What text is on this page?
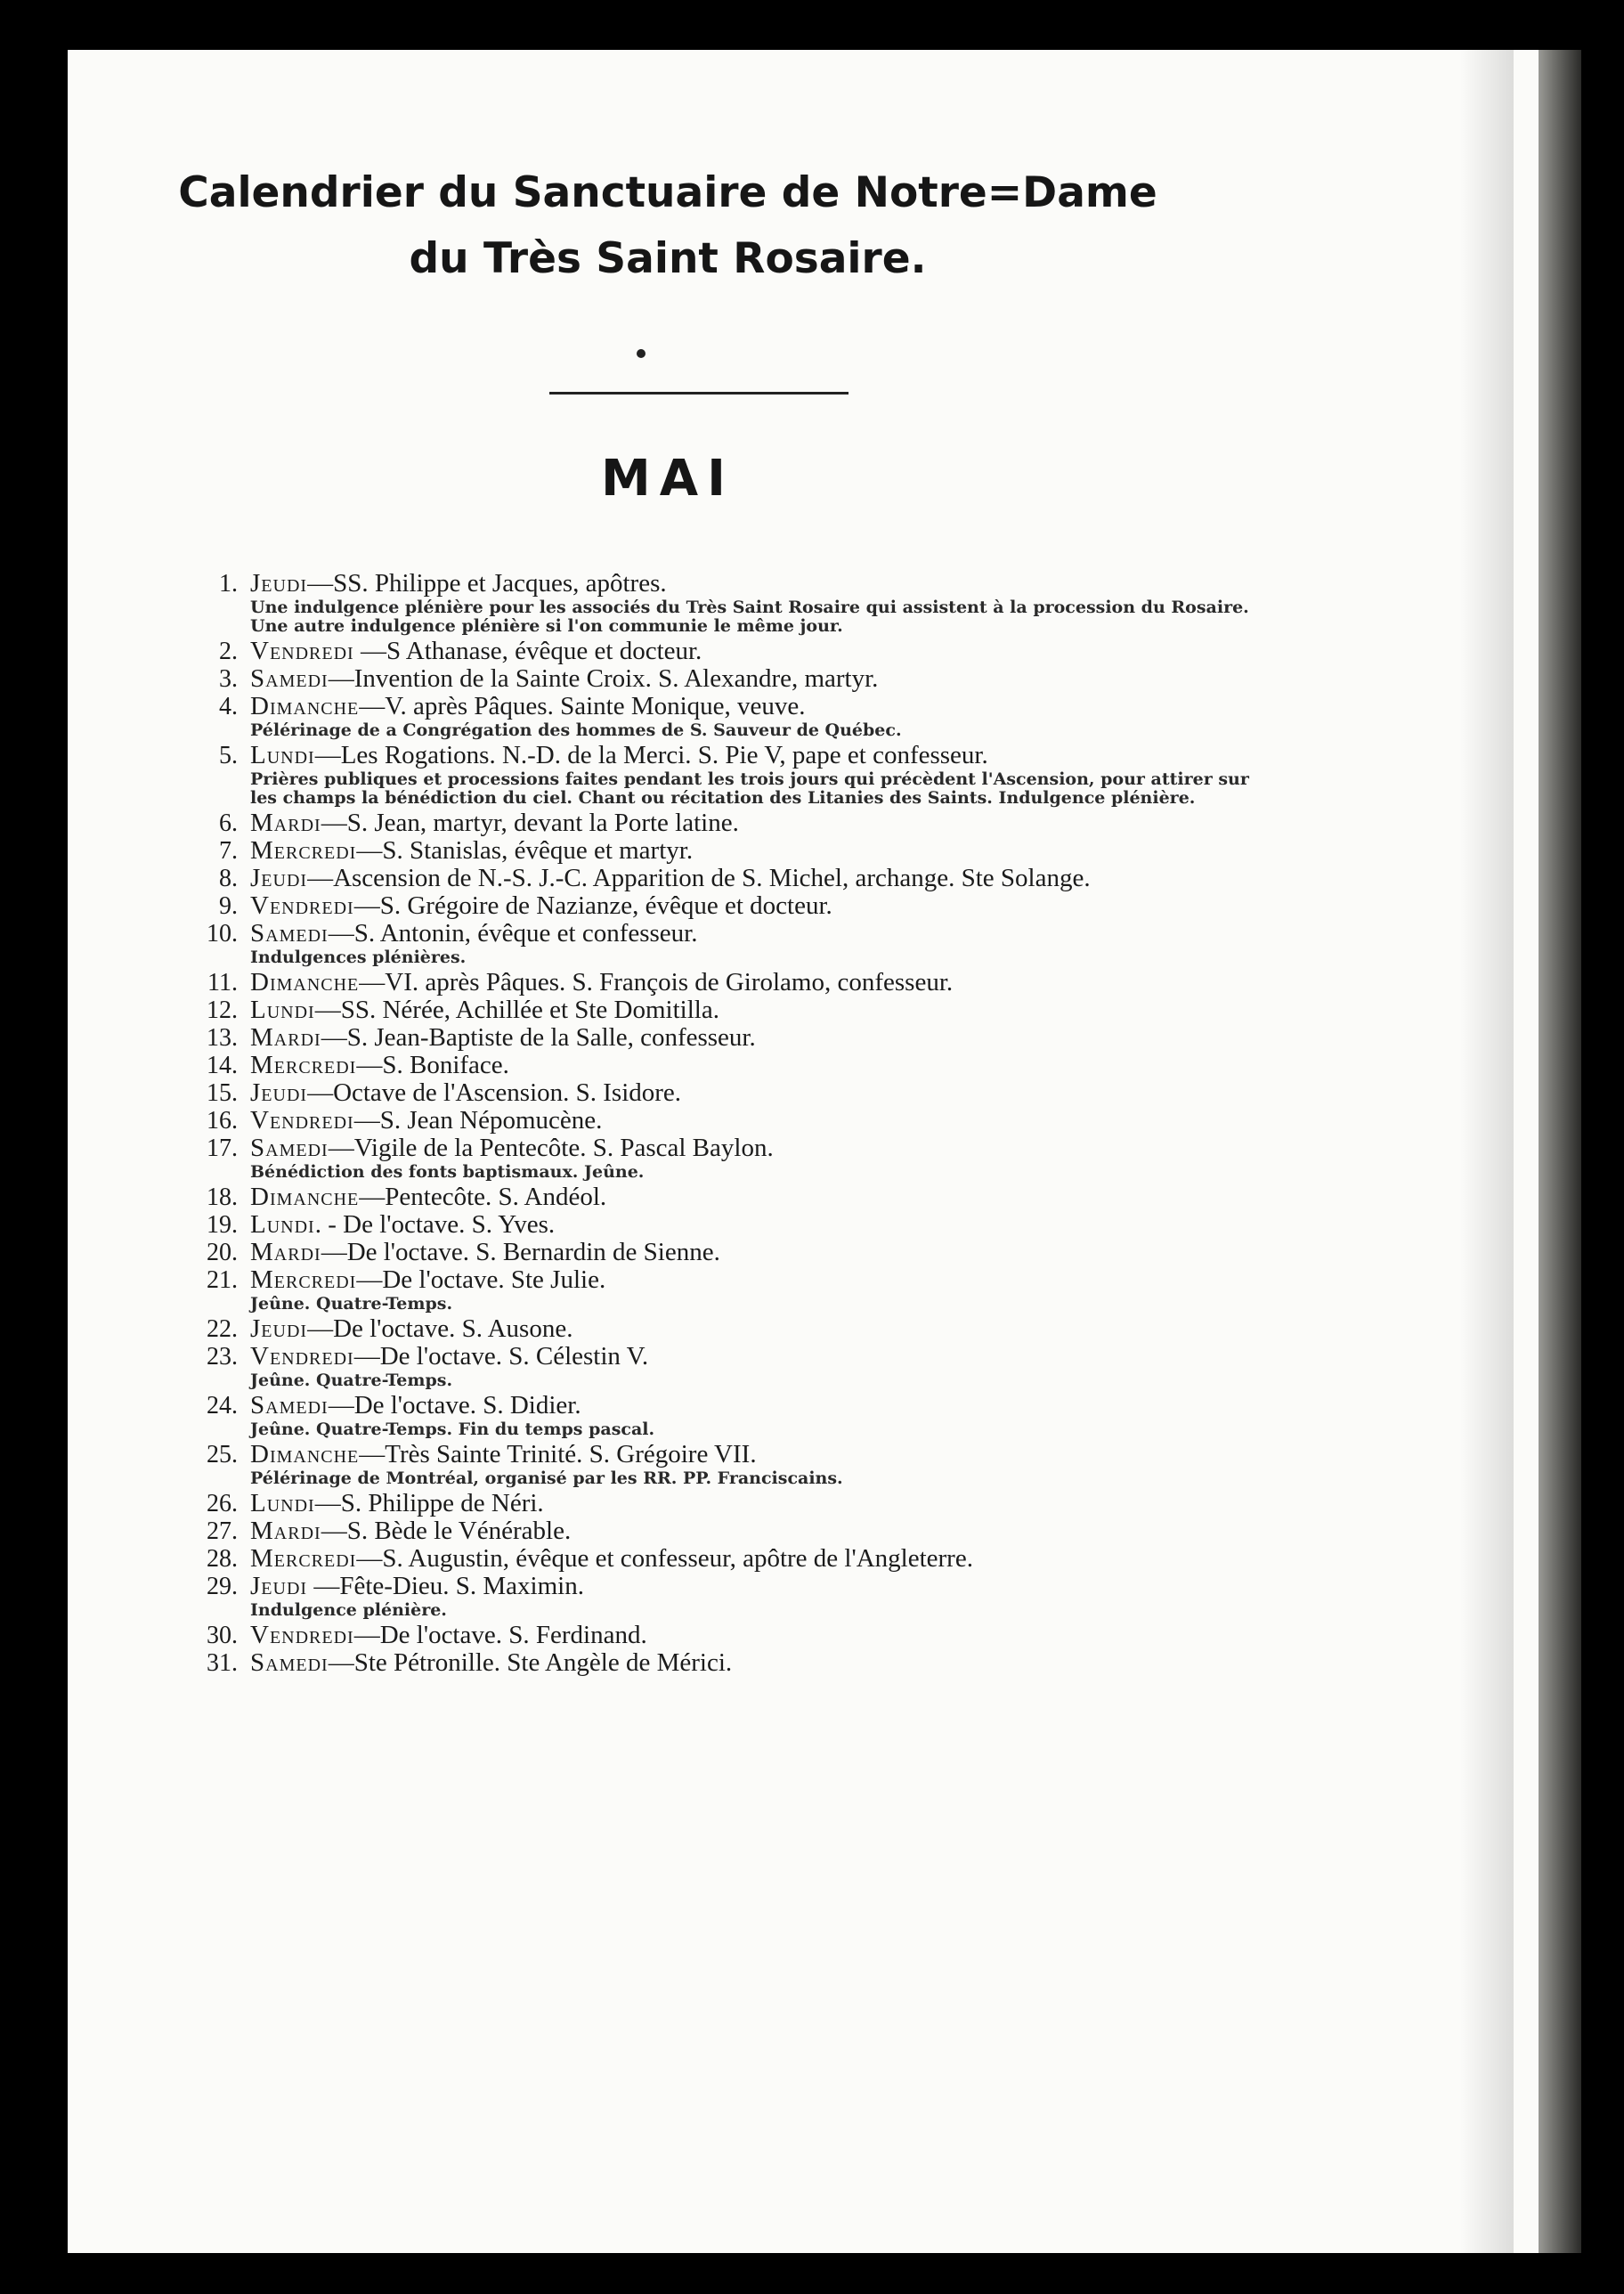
Calendrier du Sanctuaire de Notre=Dame
du Très Saint Rosaire.
MAI
1. Jeudi—SS. Philippe et Jacques, apôtres.
Une indulgence plénière pour les associés du Très Saint Rosaire qui assistent à la procession du Rosaire. Une autre indulgence plénière si l'on communie le même jour.
2. Vendredi —S Athanase, évêque et docteur.
3. Samedi—Invention de la Sainte Croix. S. Alexandre, martyr.
4. Dimanche—V. après Pâques. Sainte Monique, veuve.
Pélérinage de a Congrégation des hommes de S. Sauveur de Québec.
5. Lundi—Les Rogations. N.-D. de la Merci. S. Pie V, pape et confesseur.
Prières publiques et processions faites pendant les trois jours qui précèdent l'Ascension, pour attirer sur les champs la bénédiction du ciel. Chant ou récitation des Litanies des Saints. Indulgence plénière.
6. Mardi—S. Jean, martyr, devant la Porte latine.
7. Mercredi—S. Stanislas, évêque et martyr.
8. Jeudi—Ascension de N.-S. J.-C. Apparition de S. Michel, archange. Ste Solange.
9. Vendredi—S. Grégoire de Nazianze, évêque et docteur.
10. Samedi—S. Antonin, évêque et confesseur.
Indulgences plénières.
11. Dimanche—VI. après Pâques. S. François de Girolamo, confesseur.
12. Lundi—SS. Nérée, Achillée et Ste Domitilla.
13. Mardi—S. Jean-Baptiste de la Salle, confesseur.
14. Mercredi—S. Boniface.
15. Jeudi—Octave de l'Ascension. S. Isidore.
16. Vendredi—S. Jean Népomucène.
17. Samedi—Vigile de la Pentecôte. S. Pascal Baylon.
Bénédiction des fonts baptismaux. Jeûne.
18. Dimanche—Pentecôte. S. Andéol.
19. Lundi. - De l'octave. S. Yves.
20. Mardi—De l'octave. S. Bernardin de Sienne.
21. Mercredi—De l'octave. Ste Julie.
Jeûne. Quatre-Temps.
22. Jeudi—De l'octave. S. Ausone.
23. Vendredi—De l'octave. S. Célestin V.
Jeûne. Quatre-Temps.
24. Samedi—De l'octave. S. Didier.
Jeûne. Quatre-Temps. Fin du temps pascal.
25. Dimanche—Très Sainte Trinité. S. Grégoire VII.
Pélérinage de Montréal, organisé par les RR. PP. Franciscains.
26. Lundi—S. Philippe de Néri.
27. Mardi—S. Bède le Vénérable.
28. Mercredi—S. Augustin, évêque et confesseur, apôtre de l'Angleterre.
29. Jeudi —Fête-Dieu. S. Maximin.
Indulgence plénière.
30. Vendredi—De l'octave. S. Ferdinand.
31. Samedi—Ste Pétronille. Ste Angèle de Mérici.
